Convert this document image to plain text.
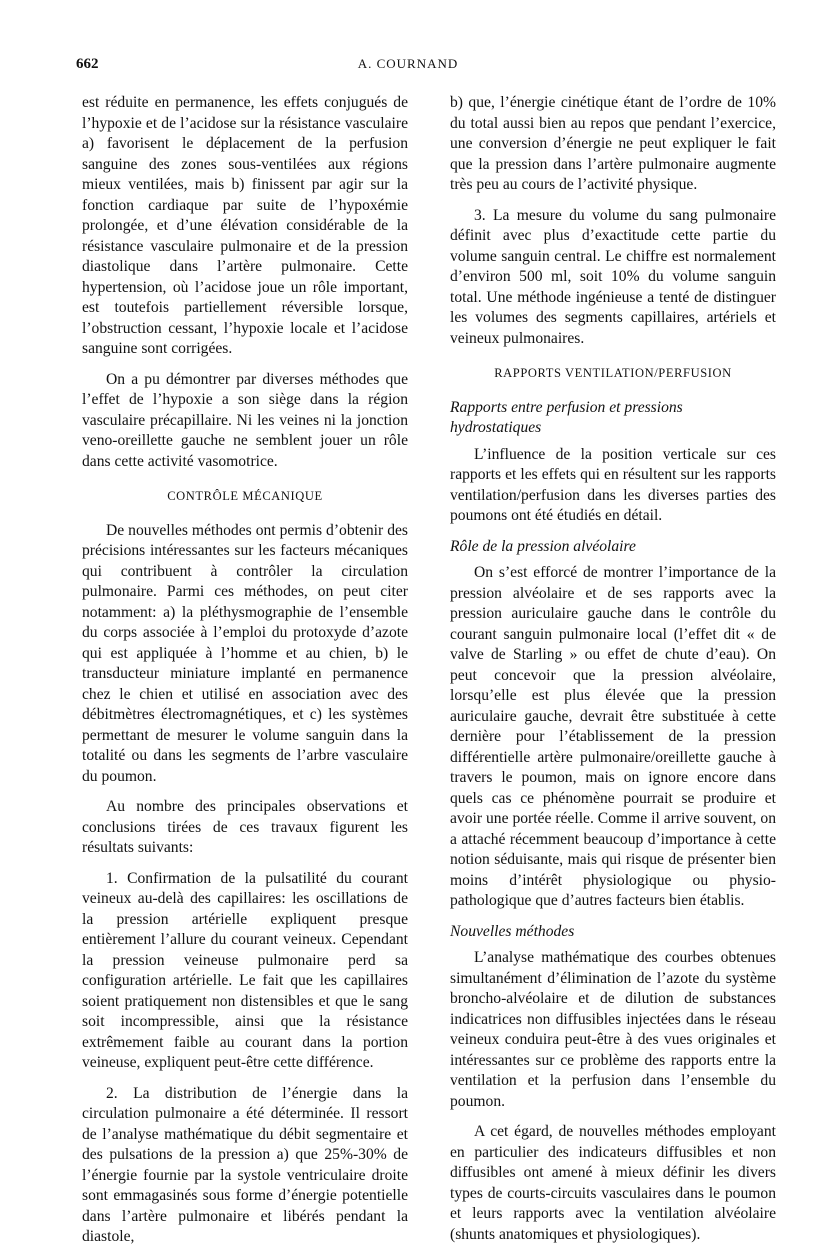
662	A. COURNAND

est réduite en permanence, les effets conjugués de l’hypoxie et de l’acidose sur la résistance vasculaire a) favorisent le déplacement de la perfusion sanguine des zones sous-ventilées aux régions mieux ventilées, mais b) finissent par agir sur la fonction cardiaque par suite de l’hypoxémie prolongée, et d’une élévation considérable de la résistance vasculaire pulmonaire et de la pression diastolique dans l’artère pulmonaire. Cette hypertension, où l’acidose joue un rôle important, est toutefois partiellement réversible lorsque, l’obstruction cessant, l’hypoxie locale et l’acidose sanguine sont corrigées.

On a pu démontrer par diverses méthodes que l’effet de l’hypoxie a son siège dans la région vasculaire précapillaire. Ni les veines ni la jonction veno-oreillette gauche ne semblent jouer un rôle dans cette activité vasomotrice.

CONTRÔLE MÉCANIQUE

De nouvelles méthodes ont permis d’obtenir des précisions intéressantes sur les facteurs mécaniques qui contribuent à contrôler la circulation pulmonaire. Parmi ces méthodes, on peut citer notamment: a) la pléthysmographie de l’ensemble du corps associée à l’emploi du protoxyde d’azote qui est appliquée à l’homme et au chien, b) le transducteur miniature implanté en permanence chez le chien et utilisé en association avec des débitmètres électromagnétiques, et c) les systèmes permettant de mesurer le volume sanguin dans la totalité ou dans les segments de l’arbre vasculaire du poumon.

Au nombre des principales observations et conclusions tirées de ces travaux figurent les résultats suivants:

1. Confirmation de la pulsatilité du courant veineux au-delà des capillaires: les oscillations de la pression artérielle expliquent presque entièrement l’allure du courant veineux. Cependant la pression veineuse pulmonaire perd sa configuration artérielle. Le fait que les capillaires soient pratiquement non distensibles et que le sang soit incompressible, ainsi que la résistance extrêmement faible au courant dans la portion veineuse, expliquent peut-être cette différence.

2. La distribution de l’énergie dans la circulation pulmonaire a été déterminée. Il ressort de l’analyse mathématique du débit segmentaire et des pulsations de la pression a) que 25%-30% de l’énergie fournie par la systole ventriculaire droite sont emmagasinés sous forme d’énergie potentielle dans l’artère pulmonaire et libérés pendant la diastole,

b) que, l’énergie cinétique étant de l’ordre de 10% du total aussi bien au repos que pendant l’exercice, une conversion d’énergie ne peut expliquer le fait que la pression dans l’artère pulmonaire augmente très peu au cours de l’activité physique.

3. La mesure du volume du sang pulmonaire définit avec plus d’exactitude cette partie du volume sanguin central. Le chiffre est normalement d’environ 500 ml, soit 10% du volume sanguin total. Une méthode ingénieuse a tenté de distinguer les volumes des segments capillaires, artériels et veineux pulmonaires.

RAPPORTS VENTILATION/PERFUSION
Rapports entre perfusion et pressions hydrostatiques

L’influence de la position verticale sur ces rapports et les effets qui en résultent sur les rapports ventilation/perfusion dans les diverses parties des poumons ont été étudiés en détail.

Rôle de la pression alvéolaire

On s’est efforcé de montrer l’importance de la pression alvéolaire et de ses rapports avec la pression auriculaire gauche dans le contrôle du courant sanguin pulmonaire local (l’effet dit « de valve de Starling » ou effet de chute d’eau). On peut concevoir que la pression alvéolaire, lorsqu’elle est plus élevée que la pression auriculaire gauche, devrait être substituée à cette dernière pour l’établissement de la pression différentielle artère pulmonaire/oreillette gauche à travers le poumon, mais on ignore encore dans quels cas ce phénomène pourrait se produire et avoir une portée réelle. Comme il arrive souvent, on a attaché récemment beaucoup d’importance à cette notion séduisante, mais qui risque de présenter bien moins d’intérêt physiologique ou physio-pathologique que d’autres facteurs bien établis.

Nouvelles méthodes

L’analyse mathématique des courbes obtenues simultanément d’élimination de l’azote du système broncho-alvéolaire et de dilution de substances indicatrices non diffusibles injectées dans le réseau veineux conduira peut-être à des vues originales et intéressantes sur ce problème des rapports entre la ventilation et la perfusion dans l’ensemble du poumon.

A cet égard, de nouvelles méthodes employant en particulier des indicateurs diffusibles et non diffusibles ont amené à mieux définir les divers types de courts-circuits vasculaires dans le poumon et leurs rapports avec la ventilation alvéolaire (shunts anatomiques et physiologiques).
